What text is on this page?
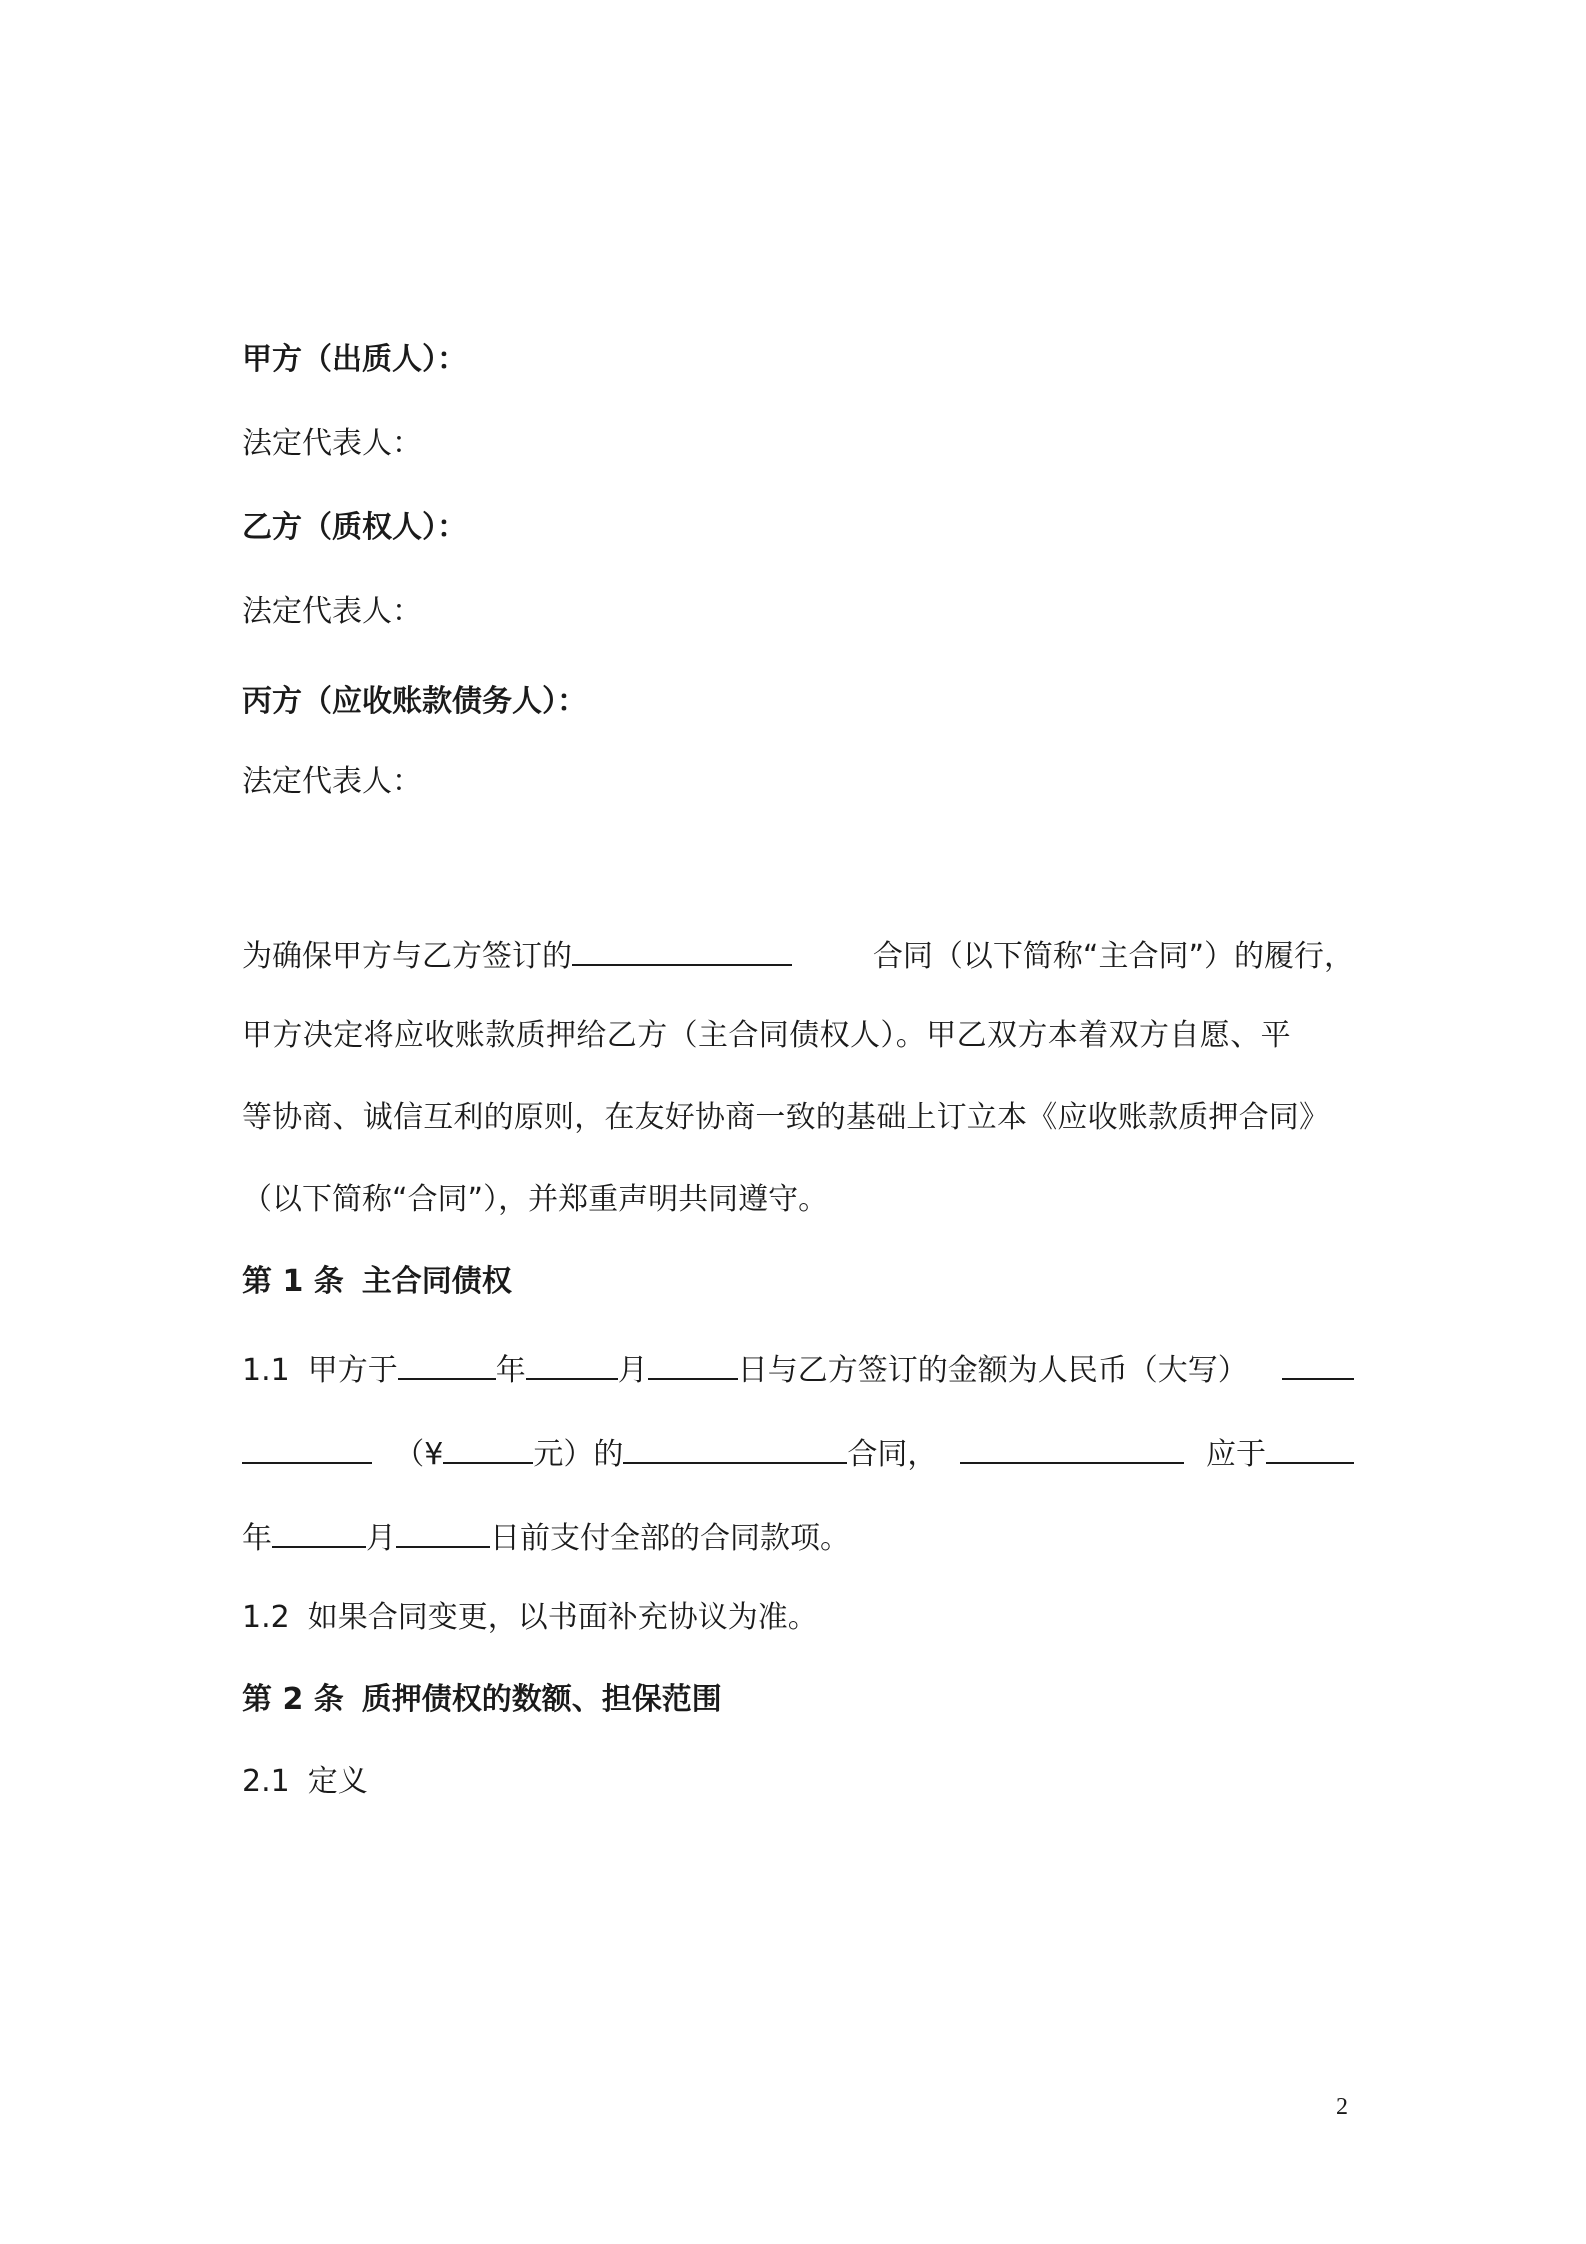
甲方（出质人）：

法定代表人：

乙方（质权人）：

法定代表人：

丙方（应收账款债务人）：

法定代表人：

为确保甲方与乙方签订的	合同（以下简称“主合同”）的履行，

甲方决定将应收账款质押给乙方（主合同债权人）。甲乙双方本着双方自愿、平

等协商、诚信互利的原则，在友好协商一致的基础上订立本《应收账款质押合同》

（以下简称“合同”），并郑重声明共同遵守。

第 1 条 主合同债权

1.1 甲方于	年	月	日与乙方签订的金额为人民币（大写）

（¥	元）的	合同，	应于

年	月	日前支付全部的合同款项。

1.2 如果合同变更，以书面补充协议为准。

第 2 条 质押债权的数额、担保范围

2.1 定义

2
